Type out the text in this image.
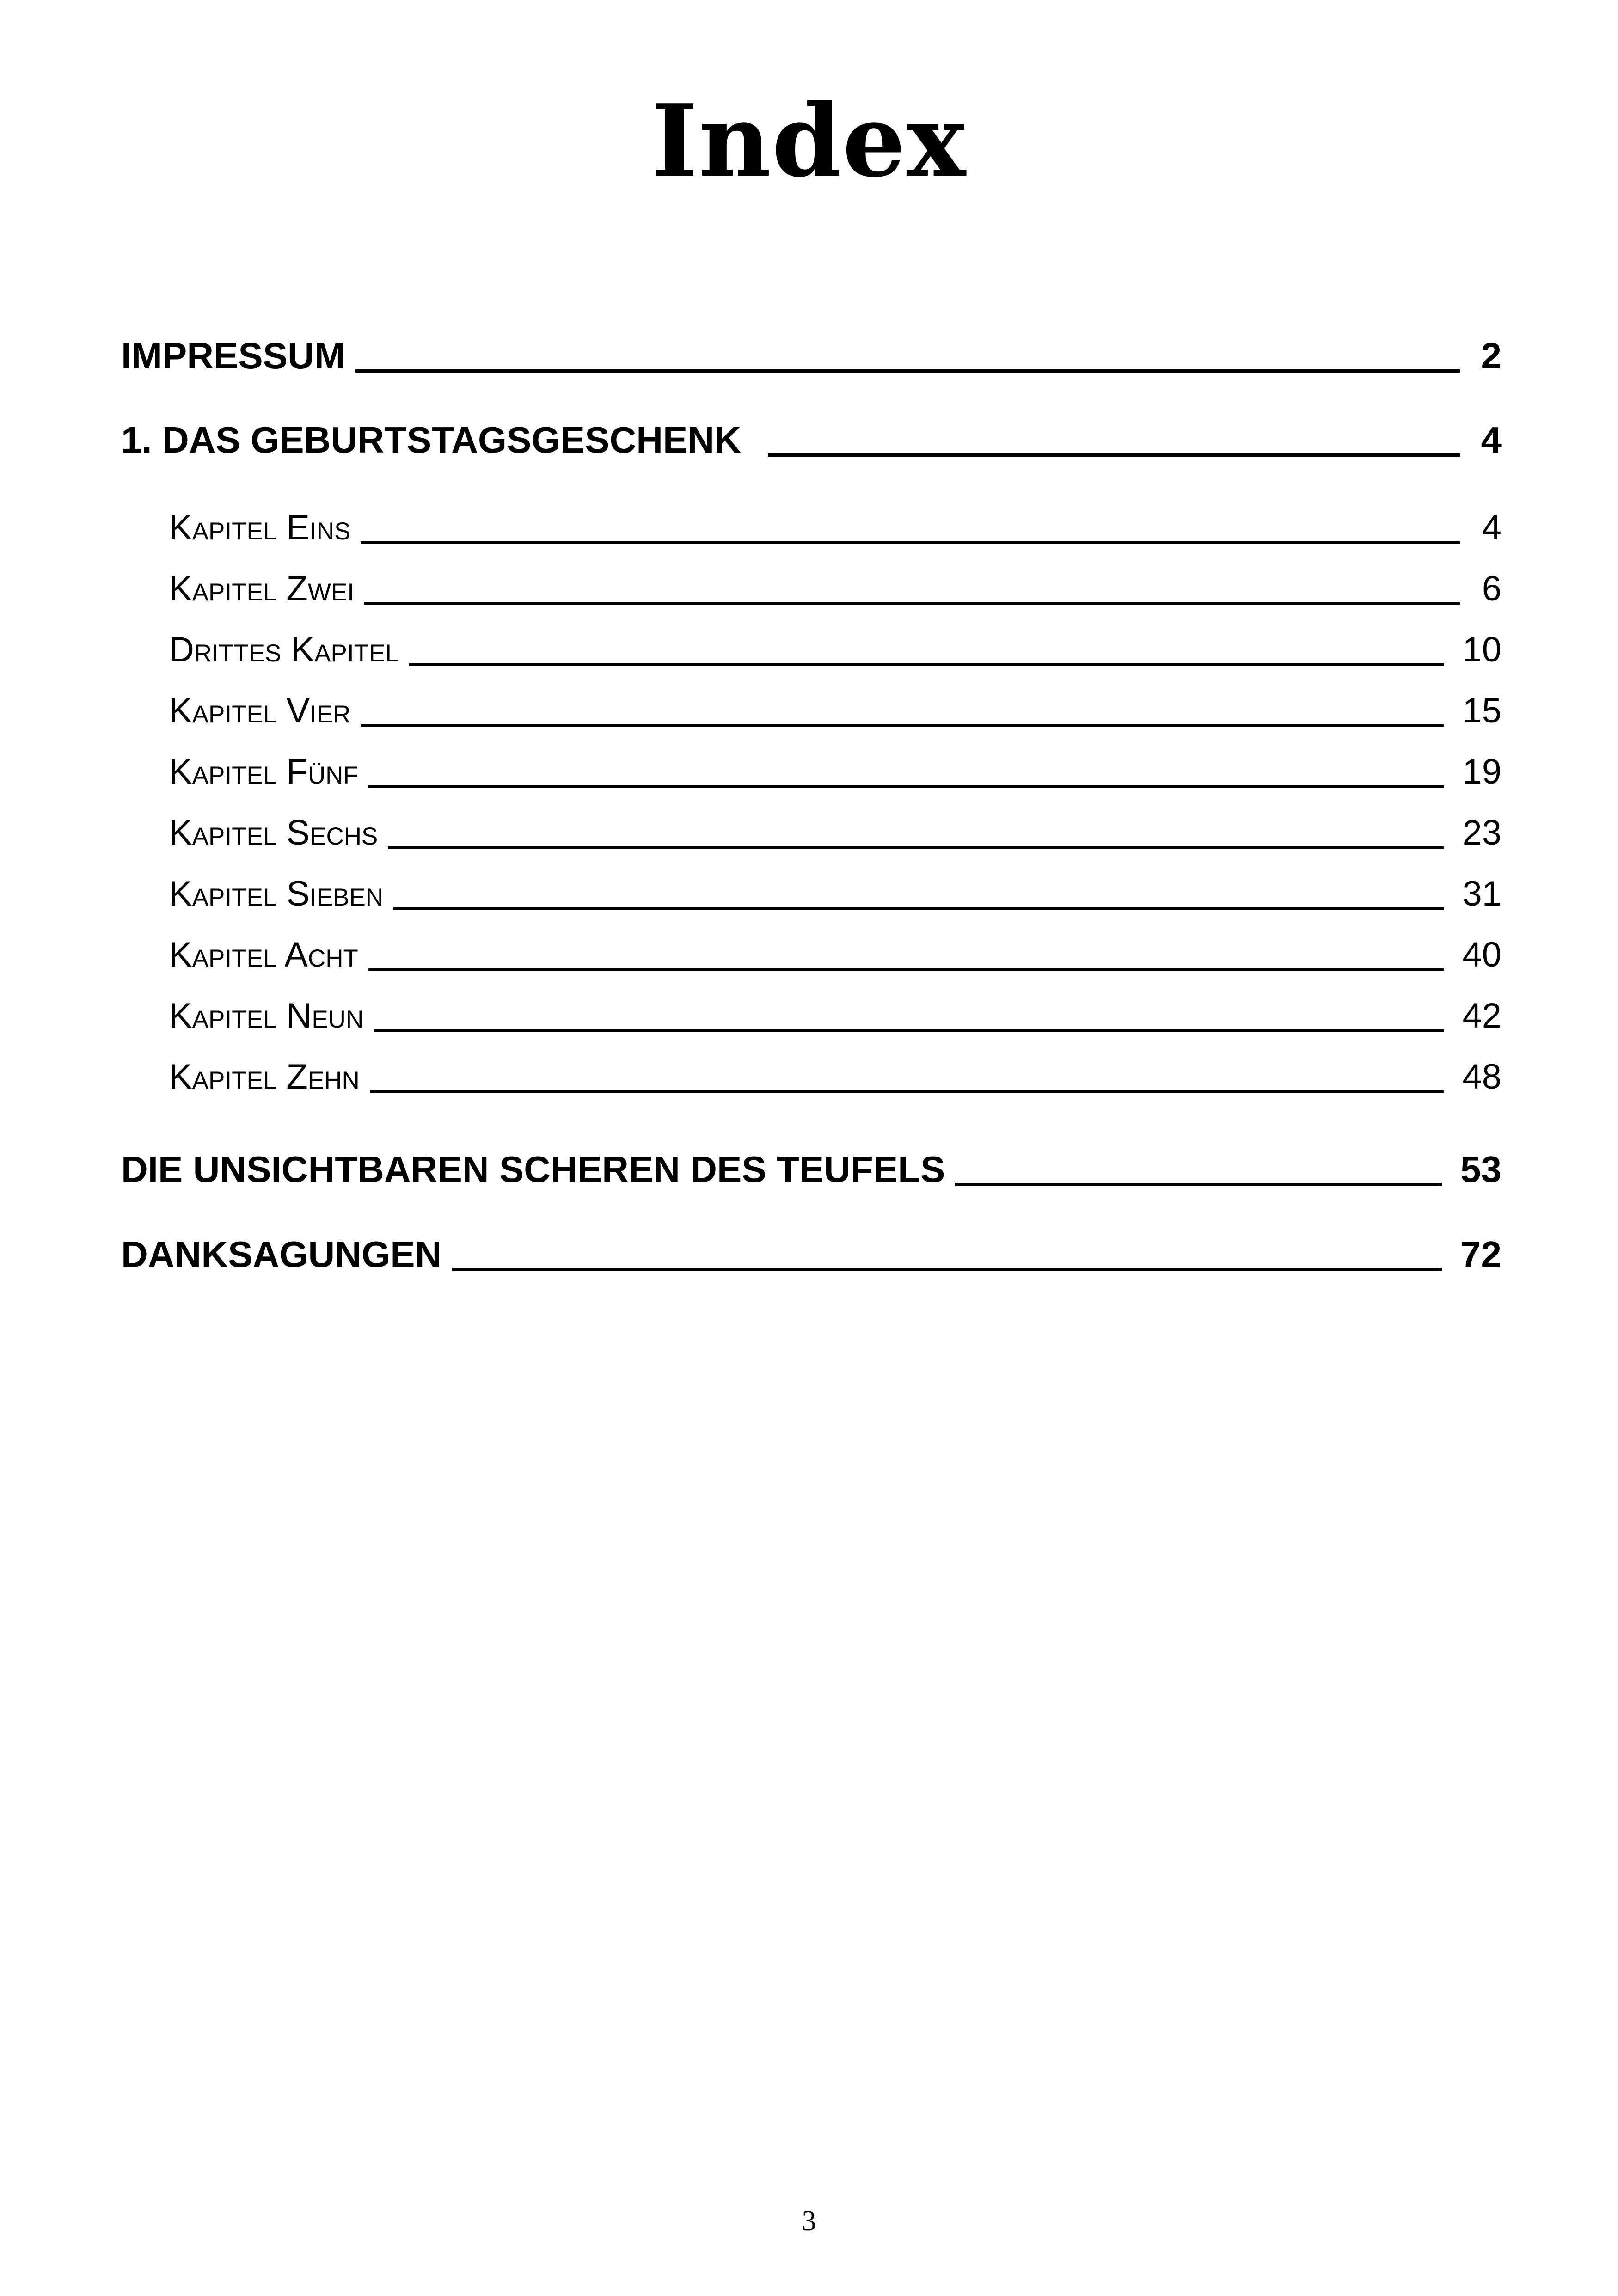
Index
IMPRESSUM	2
1. DAS GEBURTSTAGSGESCHENK	4
Kapitel Eins	4
Kapitel Zwei	6
Drittes Kapitel	10
Kapitel Vier	15
Kapitel Fünf	19
Kapitel Sechs	23
Kapitel Sieben	31
Kapitel Acht	40
Kapitel Neun	42
Kapitel Zehn	48
DIE UNSICHTBAREN SCHEREN DES TEUFELS	53
DANKSAGUNGEN	72
3
